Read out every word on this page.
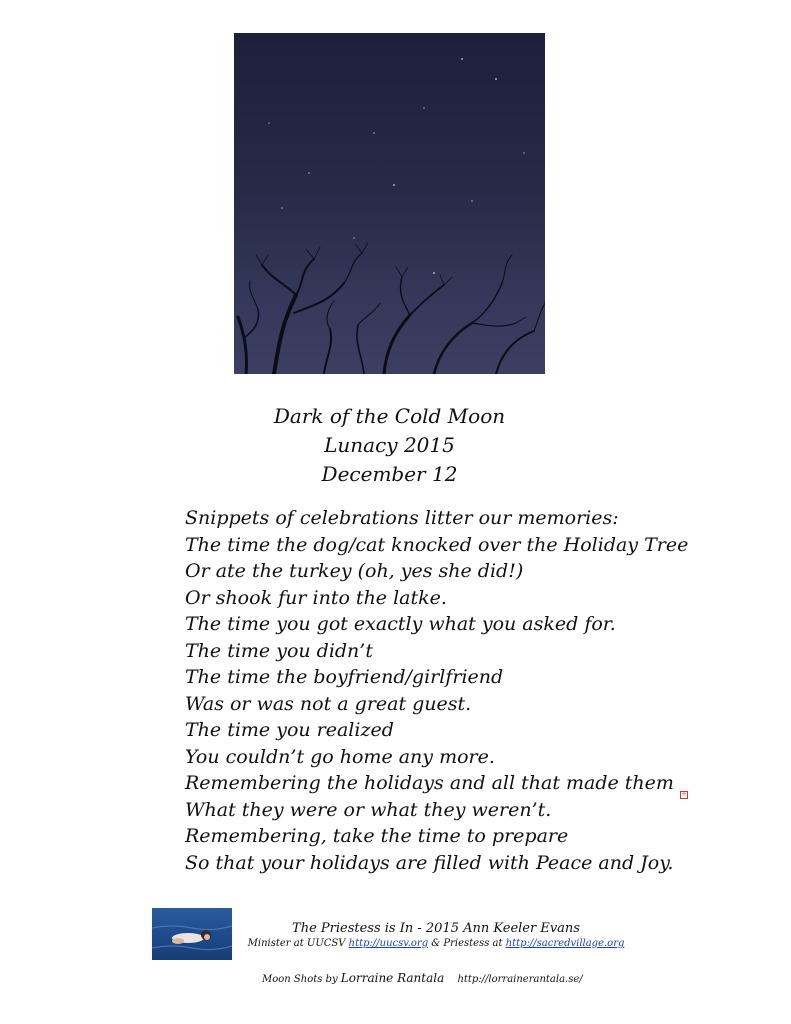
Dark of the Cold Moon
Lunacy 2015
December 12
Snippets of celebrations litter our memories:
The time the dog/cat knocked over the Holiday Tree
Or ate the turkey (oh, yes she did!)
Or shook fur into the latke.
The time you got exactly what you asked for.
The time you didn’t
The time the boyfriend/girlfriend
Was or was not a great guest.
The time you realized
You couldn’t go home any more.
Remembering the holidays and all that made them
What they were or what they weren’t.
Remembering, take the time to prepare
So that your holidays are filled with Peace and Joy.
+
The Priestess is In - 2015 Ann Keeler Evans
Minister at UUCSV http://uucsv.org & Priestess at http://sacredvillage.org
Moon Shots by Lorraine Rantala http://lorrainerantala.se/
